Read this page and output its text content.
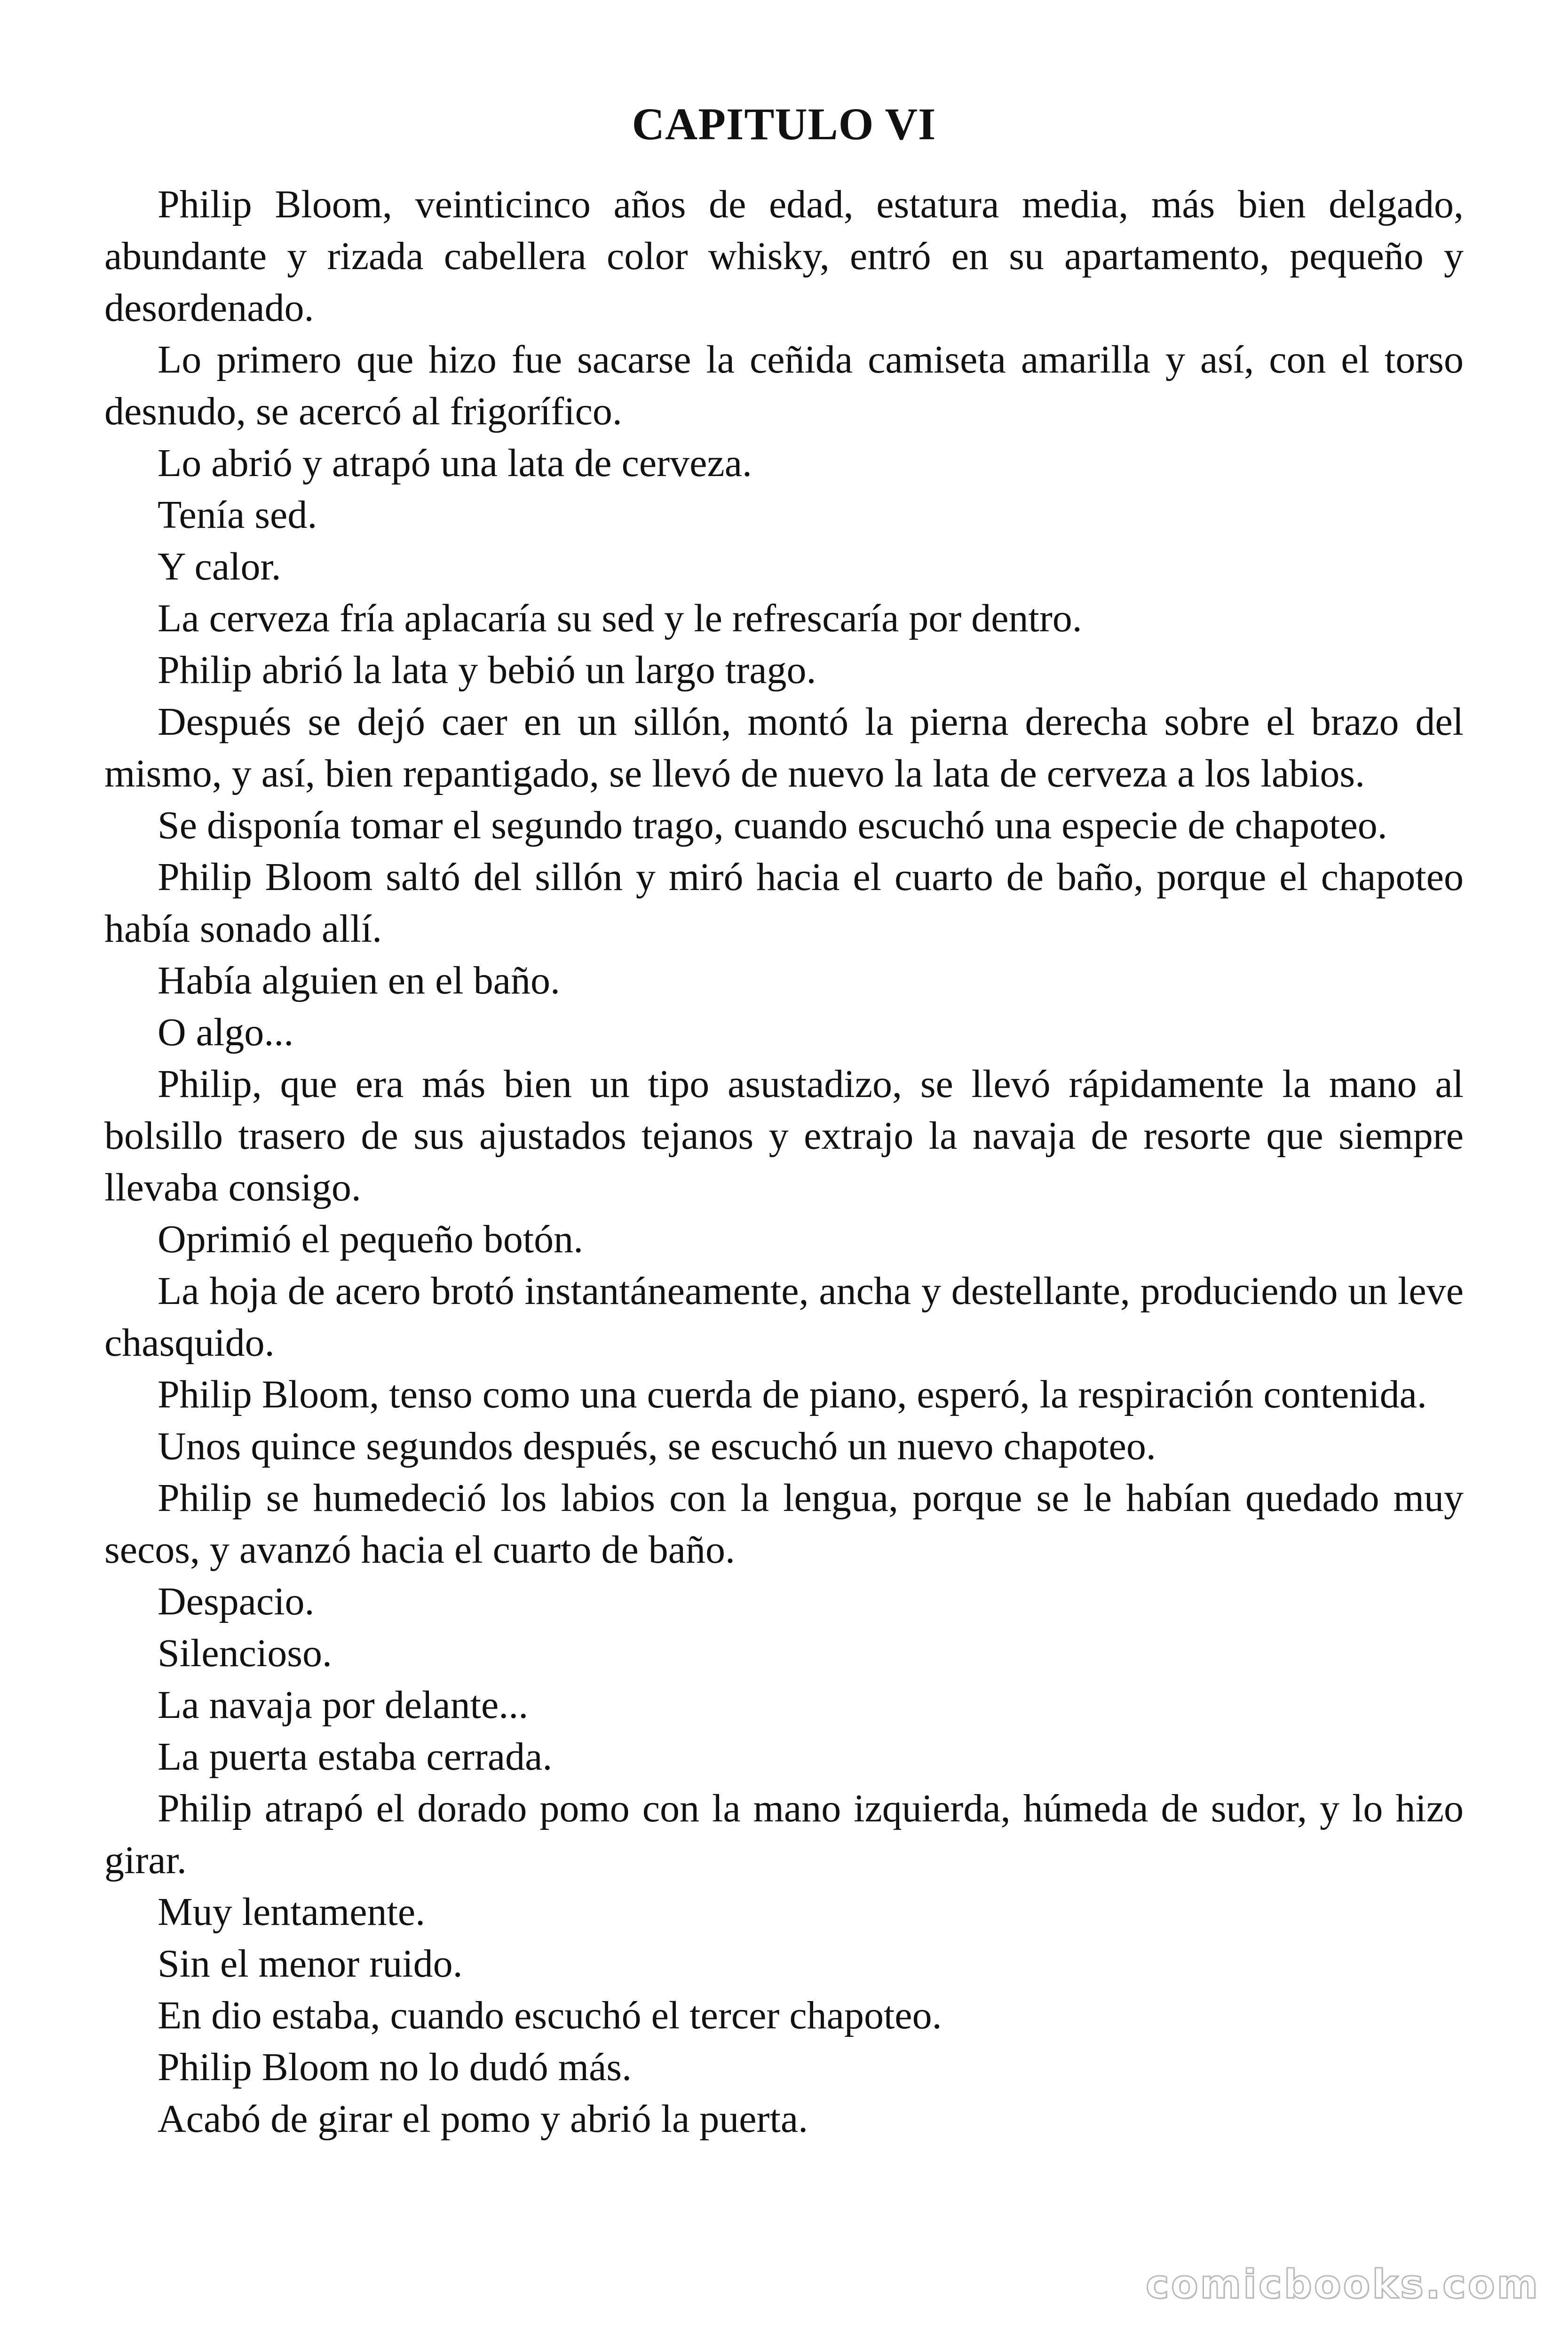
CAPITULO VI

Philip Bloom, veinticinco años de edad, estatura media, más bien delgado, abundante y rizada cabellera color whisky, entró en su apartamento, pequeño y desordenado.

Lo primero que hizo fue sacarse la ceñida camiseta amarilla y así, con el torso desnudo, se acercó al frigorífico.

Lo abrió y atrapó una lata de cerveza.

Tenía sed.

Y calor.

La cerveza fría aplacaría su sed y le refrescaría por dentro.

Philip abrió la lata y bebió un largo trago.

Después se dejó caer en un sillón, montó la pierna derecha sobre el brazo del mismo, y así, bien repantigado, se llevó de nuevo la lata de cerveza a los labios.

Se disponía tomar el segundo trago, cuando escuchó una especie de chapoteo.

Philip Bloom saltó del sillón y miró hacia el cuarto de baño, porque el chapoteo había sonado allí.

Había alguien en el baño.

O algo...

Philip, que era más bien un tipo asustadizo, se llevó rápidamente la mano al bolsillo trasero de sus ajustados tejanos y extrajo la navaja de resorte que siempre llevaba consigo.

Oprimió el pequeño botón.

La hoja de acero brotó instantáneamente, ancha y destellante, produciendo un leve chasquido.

Philip Bloom, tenso como una cuerda de piano, esperó, la respiración contenida.

Unos quince segundos después, se escuchó un nuevo chapoteo.

Philip se humedeció los labios con la lengua, porque se le habían quedado muy secos, y avanzó hacia el cuarto de baño.

Despacio.

Silencioso.

La navaja por delante...

La puerta estaba cerrada.

Philip atrapó el dorado pomo con la mano izquierda, húmeda de sudor, y lo hizo girar.

Muy lentamente.

Sin el menor ruido.

En dio estaba, cuando escuchó el tercer chapoteo.

Philip Bloom no lo dudó más.

Acabó de girar el pomo y abrió la puerta.

comicbooks.com
